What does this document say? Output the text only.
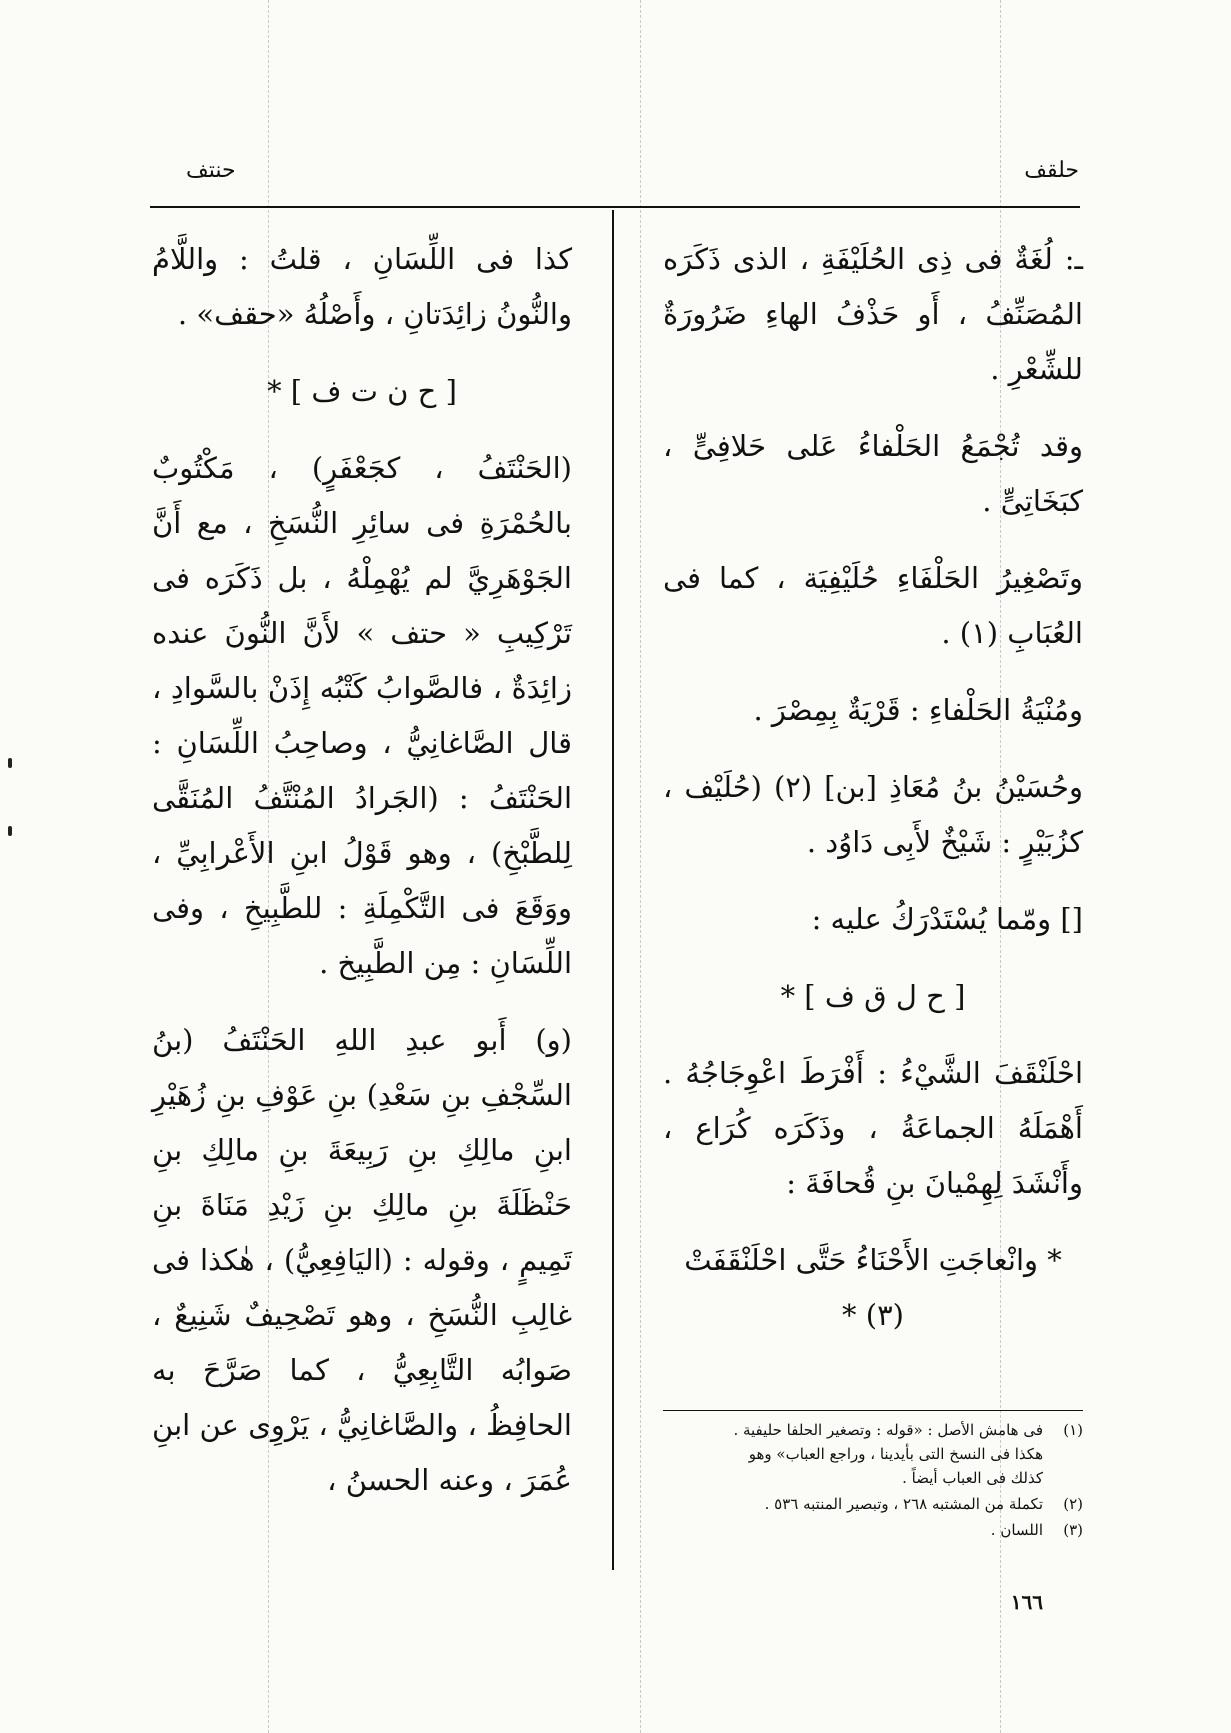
حلقف
حنتف
ـ: لُغَةٌ فى ذِى الحُلَيْفَةِ ، الذى ذَكَرَه المُصَنِّفُ ، أَو حَذْفُ الهاءِ ضَرُورَةٌ للشِّعْرِ .
وقد تُجْمَعُ الحَلْفاءُ عَلى حَلافِىٍّ ، كبَخَاتِىٍّ .
وتَصْغِيرُ الحَلْفَاءِ حُلَيْفِيَة ، كما فى العُبَابِ (١) .
ومُنْيَةُ الحَلْفاءِ : قَرْيَةٌ بِمِصْرَ .
وحُسَيْنُ بنُ مُعَاذِ [بن] (٢) (حُلَيْف ، كزُبَيْرٍ : شَيْخٌ لأَبِى دَاوُد .
[] ومّما يُسْتَدْرَكُ عليه :
[ ح ل ق ف ] *
احْلَنْقَفَ الشَّيْءُ : أَفْرَطَ اعْوِجَاجُهُ . أَهْمَلَهُ الجماعَةُ ، وذَكَرَه كُرَاع ، وأَنْشَدَ لِهِمْيانَ بنِ قُحافَةَ :
* وانْعاجَتِ الأَحْنَاءُ حَتَّى احْلَنْقَفَتْ (٣) *
كذا فى اللِّسَانِ ، قلتُ : واللَّامُ والنُّونُ زائِدَتانِ ، وأَصْلُهُ «حقف» .
[ ح ن ت ف ] *
(الحَنْتَفُ ، كجَعْفَرٍ) ، مَكْتُوبٌ بالحُمْرَةِ فى سائِرِ النُّسَخِ ، مع أَنَّ الجَوْهَرِيَّ لم يُهْمِلْهُ ، بل ذَكَرَه فى تَرْكِيبِ « حتف » لأَنَّ النُّونَ عنده زائِدَةٌ ، فالصَّوابُ كَتْبُه إِذَنْ بالسَّوادِ ، قال الصَّاغانِيُّ ، وصاحِبُ اللِّسَانِ : الحَنْتَفُ : (الجَرادُ المُنْتَّفُ المُنَقَّى لِلطَّبْخِ) ، وهو قَوْلُ ابنِ الأَعْرابِيِّ ، ووَقَعَ فى التَّكْمِلَةِ : للطَّبِيخِ ، وفى اللِّسَانِ : مِن الطَّبِيخ .
(و) أَبو عبدِ اللهِ الحَنْتَفُ (بنُ السِّجْفِ بنِ سَعْدِ) بنِ عَوْفِ بنِ زُهَيْرِ ابنِ مالِكِ بنِ رَبِيعَةَ بنِ مالِكِ بنِ حَنْظَلَةَ بنِ مالِكِ بنِ زَيْدِ مَنَاةَ بنِ تَمِيمٍ ، وقوله : (اليَافِعِيُّ) ، هٰكذا فى غالِبِ النُّسَخِ ، وهو تَصْحِيفٌ شَنِيعٌ ، صَوابُه التَّابِعِيُّ ، كما صَرَّحَ به الحافِظُ ، والصَّاغانِيُّ ، يَرْوِى عن ابنِ عُمَرَ ، وعنه الحسنُ ،
(١)فى هامش الأصل : «قوله : وتصغير الحلفا حليفية .
هكذا فى النسخ التى بأيدينا ، وراجع العباب» وهو
كذلك فى العباب أيضاً .
(٢)تكملة من المشتبه ٢٦٨ ، وتبصير المنتبه ٥٣٦ .
(٣)اللسان .
١٦٦
